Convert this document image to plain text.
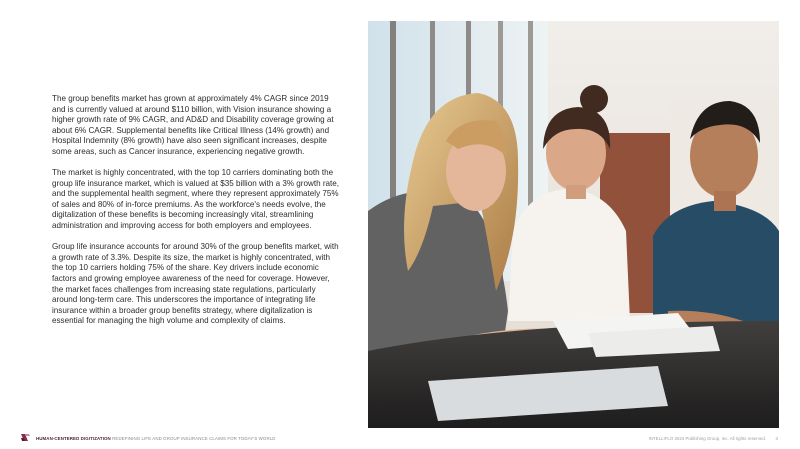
The group benefits market has grown at approximately 4% CAGR since 2019 and is currently valued at around $110 billion, with Vision insurance showing a higher growth rate of 9% CAGR, and AD&D and Disability coverage growing at about 6% CAGR. Supplemental benefits like Critical Illness (14% growth) and Hospital Indemnity (8% growth) have also seen significant increases, despite some areas, such as Cancer insurance, experiencing negative growth.

The market is highly concentrated, with the top 10 carriers dominating both the group life insurance market, which is valued at $35 billion with a 3% growth rate, and the supplemental health segment, where they represent approximately 75% of sales and 80% of in-force premiums. As the workforce's needs evolve, the digitalization of these benefits is becoming increasingly vital, streamlining administration and improving access for both employers and employees.

Group life insurance accounts for around 30% of the group benefits market, with a growth rate of 3.3%. Despite its size, the market is highly concentrated, with the top 10 carriers holding 75% of the share. Key drivers include economic factors and growing employee awareness of the need for coverage. However, the market faces challenges from increasing state regulations, particularly around long-term care. This underscores the importance of integrating life insurance within a broader group benefits strategy, where digitalization is essential for managing the high volume and complexity of claims.

HUMAN-CENTERED DIGITIZATION REDEFINING LIFE AND GROUP INSURANCE CLAIMS FOR TODAY'S WORLD	INTELLIFLO 2024 Publishing Group, Inc. All rights reserved. 3
